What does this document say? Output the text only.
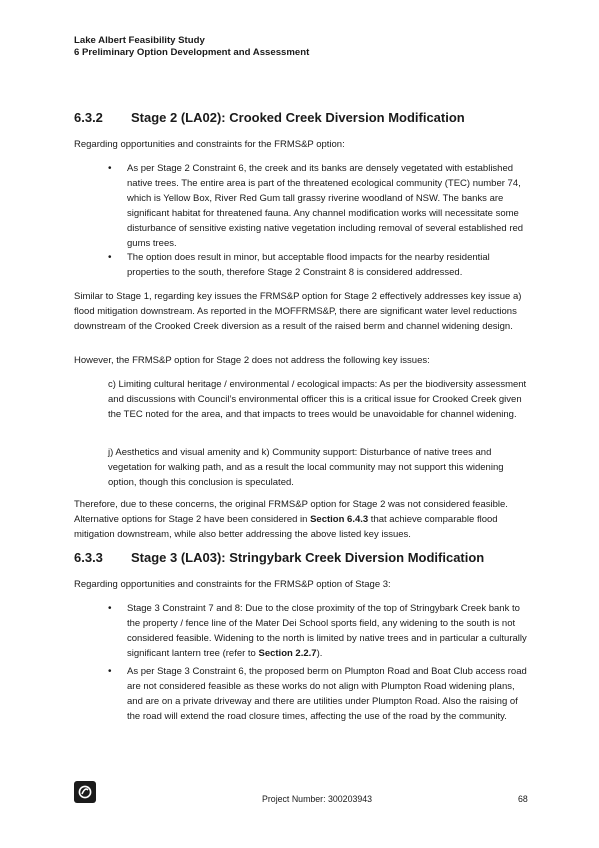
Lake Albert Feasibility Study
6 Preliminary Option Development and Assessment
6.3.2 Stage 2 (LA02): Crooked Creek Diversion Modification

Regarding opportunities and constraints for the FRMS&P option:

• As per Stage 2 Constraint 6, the creek and its banks are densely vegetated with established native trees. The entire area is part of the threatened ecological community (TEC) number 74, which is Yellow Box, River Red Gum tall grassy riverine woodland of NSW. The banks are significant habitat for threatened fauna. Any channel modification works will necessitate some disturbance of sensitive existing native vegetation including removal of several established red gums trees.

• The option does result in minor, but acceptable flood impacts for the nearby residential properties to the south, therefore Stage 2 Constraint 8 is considered addressed.

Similar to Stage 1, regarding key issues the FRMS&P option for Stage 2 effectively addresses key issue a) flood mitigation downstream. As reported in the MOFFRMS&P, there are significant water level reductions downstream of the Crooked Creek diversion as a result of the raised berm and channel widening design.

However, the FRMS&P option for Stage 2 does not address the following key issues:

c) Limiting cultural heritage / environmental / ecological impacts: As per the biodiversity assessment and discussions with Council’s environmental officer this is a critical issue for Crooked Creek given the TEC noted for the area, and that impacts to trees would be unavoidable for channel widening.

j) Aesthetics and visual amenity and k) Community support: Disturbance of native trees and vegetation for walking path, and as a result the local community may not support this widening option, though this conclusion is speculated.

Therefore, due to these concerns, the original FRMS&P option for Stage 2 was not considered feasible. Alternative options for Stage 2 have been considered in Section 6.4.3 that achieve comparable flood mitigation downstream, while also better addressing the above listed key issues.

6.3.3 Stage 3 (LA03): Stringybark Creek Diversion Modification

Regarding opportunities and constraints for the FRMS&P option of Stage 3:

• Stage 3 Constraint 7 and 8: Due to the close proximity of the top of Stringybark Creek bank to the property / fence line of the Mater Dei School sports field, any widening to the south is not considered feasible. Widening to the north is limited by native trees and in particular a culturally significant lantern tree (refer to Section 2.2.7).

• As per Stage 3 Constraint 6, the proposed berm on Plumpton Road and Boat Club access road are not considered feasible as these works do not align with Plumpton Road widening plans, and are on a private driveway and there are utilities under Plumpton Road. Also the raising of the road will extend the road closure times, affecting the use of the road by the community.

Project Number: 300203943	68
